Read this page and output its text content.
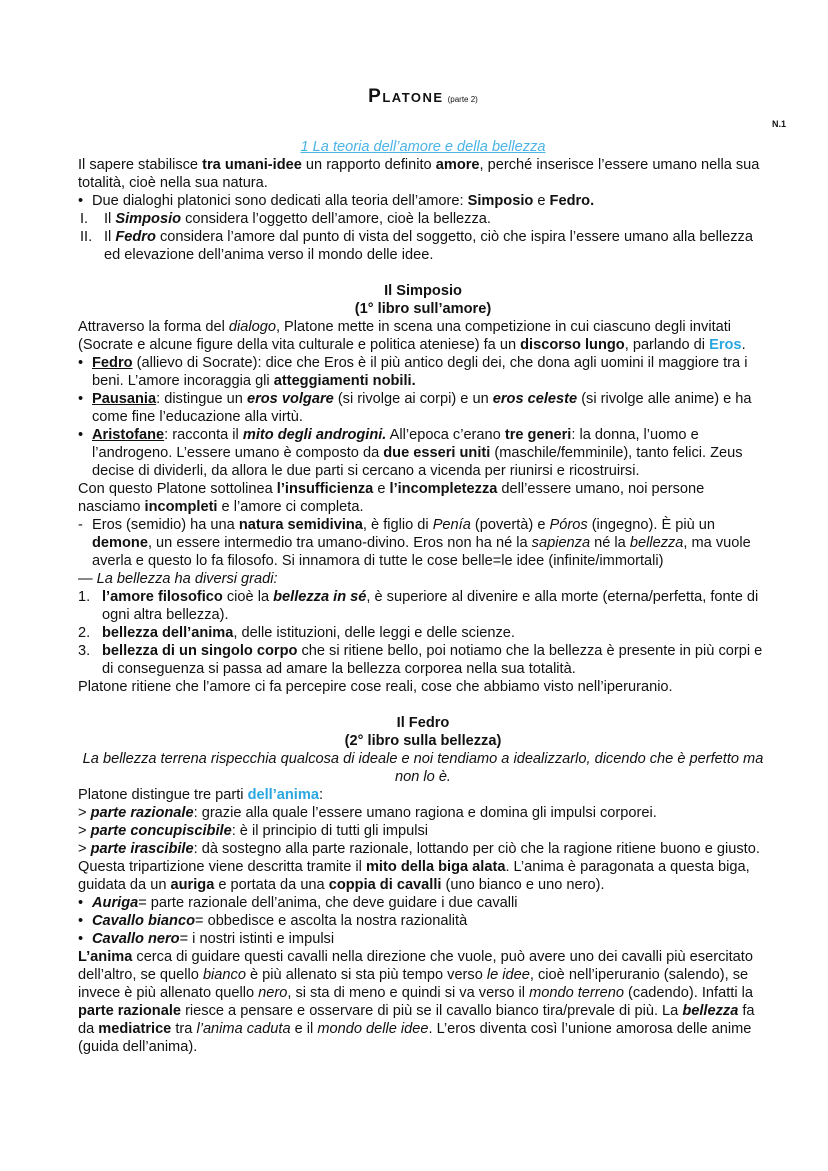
Platone (parte 2)
N.1
1 La teoria dell’amore e della bellezza

Il sapere stabilisce tra umani-idee un rapporto definito amore, perché inserisce l’essere umano nella sua totalità, cioè nella sua natura.

• Due dialoghi platonici sono dedicati alla teoria dell’amore: Simposio e Fedro.
I. Il Simposio considera l’oggetto dell’amore, cioè la bellezza.
II. Il Fedro considera l’amore dal punto di vista del soggetto, ciò che ispira l’essere umano alla bellezza ed elevazione dell’anima verso il mondo delle idee.
Il Simposio
(1° libro sull’amore)

Attraverso la forma del dialogo, Platone mette in scena una competizione in cui ciascuno degli invitati (Socrate e alcune figure della vita culturale e politica ateniese) fa un discorso lungo, parlando di Eros.

• Fedro (allievo di Socrate): dice che Eros è il più antico degli dei, che dona agli uomini il maggiore tra i beni. L’amore incoraggia gli atteggiamenti nobili.
• Pausania: distingue un eros volgare (si rivolge ai corpi) e un eros celeste (si rivolge alle anime) e ha come fine l’educazione alla virtù.
• Aristofane: racconta il mito degli androgini. All’epoca c’erano tre generi: la donna, l’uomo e l’androgeno. L’essere umano è composto da due esseri uniti (maschile/femminile), tanto felici. Zeus decise di dividerli, da allora le due parti si cercano a vicenda per riunirsi e ricostruirsi.

Con questo Platone sottolinea l’insufficienza e l’incompletezza dell’essere umano, noi persone nasciamo incompleti e l’amore ci completa.

- Eros (semidio) ha una natura semidivina, è figlio di Penía (povertà) e Póros (ingegno). È più un demone, un essere intermedio tra umano-divino. Eros non ha né la sapienza né la bellezza, ma vuole averla e questo lo fa filosofo. Si innamora di tutte le cose belle=le idee (infinite/immortali)

— La bellezza ha diversi gradi:

1. l’amore filosofico cioè la bellezza in sé, è superiore al divenire e alla morte (eterna/perfetta, fonte di ogni altra bellezza).
2. bellezza dell’anima, delle istituzioni, delle leggi e delle scienze.
3. bellezza di un singolo corpo che si ritiene bello, poi notiamo che la bellezza è presente in più corpi e di conseguenza si passa ad amare la bellezza corporea nella sua totalità.

Platone ritiene che l’amore ci fa percepire cose reali, cose che abbiamo visto nell’iperuranio.

Il Fedro
(2° libro sulla bellezza)

La bellezza terrena rispecchia qualcosa di ideale e noi tendiamo a idealizzarlo, dicendo che è perfetto ma non lo è.

Platone distingue tre parti dell’anima:

> parte razionale: grazie alla quale l’essere umano ragiona e domina gli impulsi corporei.

> parte concupiscibile: è il principio di tutti gli impulsi

> parte irascibile: dà sostegno alla parte razionale, lottando per ciò che la ragione ritiene buono e giusto. Questa tripartizione viene descritta tramite il mito della biga alata. L’anima è paragonata a questa biga, guidata da un auriga e portata da una coppia di cavalli (uno bianco e uno nero).

• Auriga= parte razionale dell’anima, che deve guidare i due cavalli
• Cavallo bianco= obbedisce e ascolta la nostra razionalità
• Cavallo nero= i nostri istinti e impulsi

L’anima cerca di guidare questi cavalli nella direzione che vuole, può avere uno dei cavalli più esercitato dell’altro, se quello bianco è più allenato si sta più tempo verso le idee, cioè nell’iperuranio (salendo), se invece è più allenato quello nero, si sta di meno e quindi si va verso il mondo terreno (cadendo). Infatti la parte razionale riesce a pensare e osservare di più se il cavallo bianco tira/prevale di più. La bellezza fa da mediatrice tra l’anima caduta e il mondo delle idee. L’eros diventa così l’unione amorosa delle anime (guida dell’anima).
